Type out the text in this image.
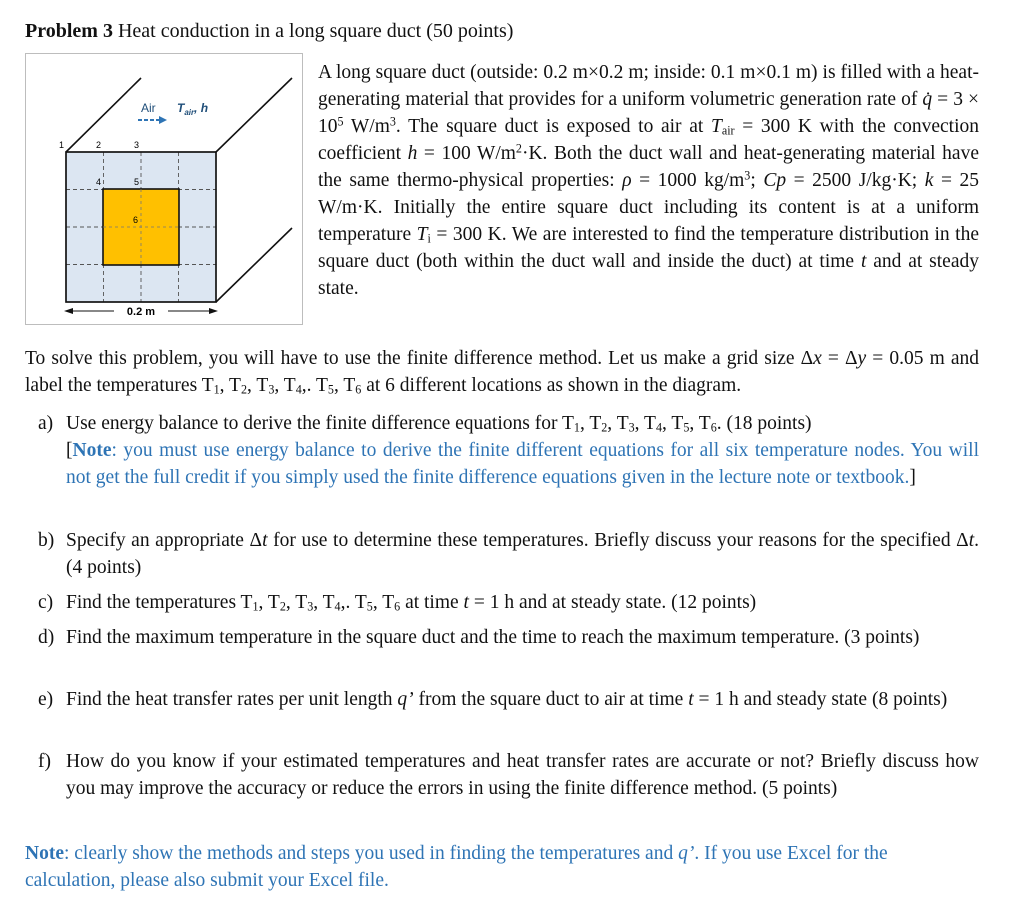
Problem 3 Heat conduction in a long square duct (50 points)
1	2	3
4	5
6
Air $T_{air}$, h
0.2 m
A long square duct (outside: 0.2 m×0.2 m; inside: 0.1 m×0.1 m) is filled with a heat-generating material that provides for a uniform volumetric generation rate of q̇ = $3 \times 10^5$ $W/m^3$. The square duct is exposed to air at $T_{air} = 300$ K with the convection coefficient h = 100 $W/m^2\cdot K$. Both the duct wall and heat-generating material have the same thermo-physical properties: ρ = 1000 $kg/m^3$; Cp = 2500 J/kg·K; k = 25 W/m·K. Initially the entire square duct including its content is at a uniform temperature $T_i = 300$ K. We are interested to find the temperature distribution in the square duct (both within the duct wall and inside the duct) at time t and at steady state.
To solve this problem, you will have to use the finite difference method. Let us make a grid size Δx = Δy = 0.05 m and label the temperatures $T_1$, $T_2$, $T_3$, $T_4$,. $T_5$, $T_6$ at 6 different locations as shown in the diagram.
a) Use energy balance to derive the finite difference equations for $T_1$, $T_2$, $T_3$, $T_4$, $T_5$, $T_6$. (18 points)
[Note: you must use energy balance to derive the finite different equations for all six temperature nodes. You will not get the full credit if you simply used the finite difference equations given in the lecture note or textbook.]
b) Specify an appropriate Δt for use to determine these temperatures. Briefly discuss your reasons for the specified Δt. (4 points)
c) Find the temperatures $T_1$, $T_2$, $T_3$, $T_4$,. $T_5$, $T_6$ at time t = 1 h and at steady state. (12 points)
d) Find the maximum temperature in the square duct and the time to reach the maximum temperature. (3 points)
e) Find the heat transfer rates per unit length q’ from the square duct to air at time t = 1 h and steady state (8 points)
f) How do you know if your estimated temperatures and heat transfer rates are accurate or not? Briefly discuss how you may improve the accuracy or reduce the errors in using the finite difference method. (5 points)
Note: clearly show the methods and steps you used in finding the temperatures and q’. If you use Excel for the calculation, please also submit your Excel file.
